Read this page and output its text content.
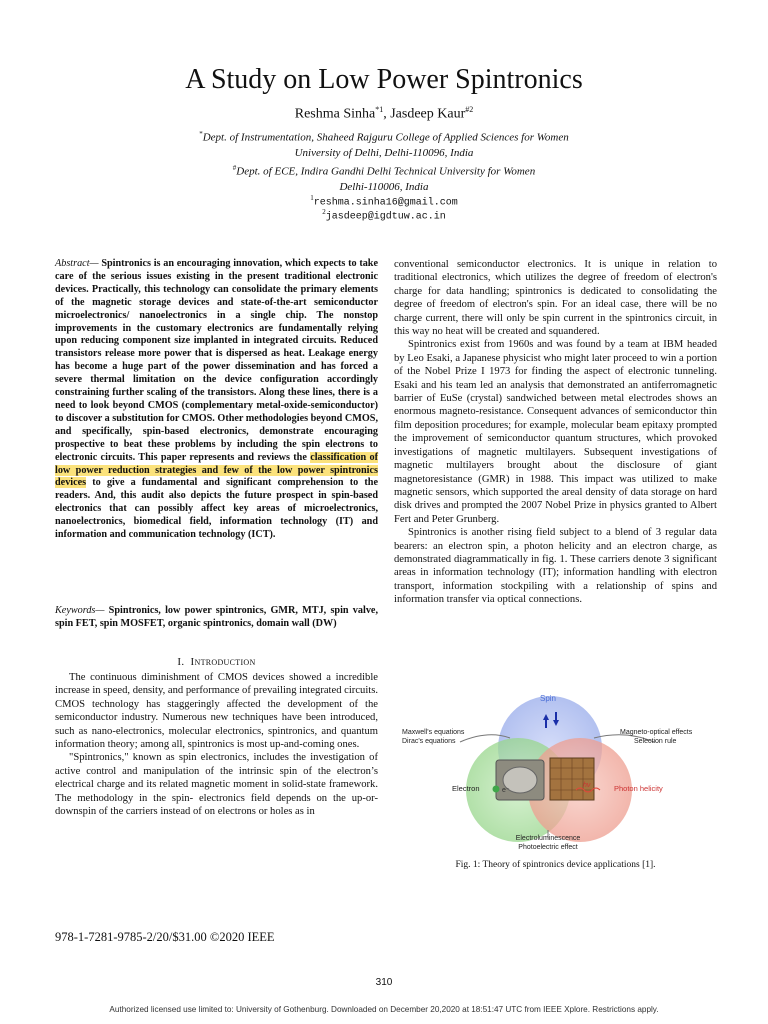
A Study on Low Power Spintronics
Reshma Sinha$^{*1}$, Jasdeep Kaur$^{\#2}$
*Dept. of Instrumentation, Shaheed Rajguru College of Applied Sciences for Women
University of Delhi, Delhi-110096, India
#Dept. of ECE, Indira Gandhi Delhi Technical University for Women
Delhi-110006, India
$^1$reshma.sinha16@gmail.com
$^2$jasdeep@igdtuw.ac.in
Abstract— Spintronics is an encouraging innovation, which expects to take care of the serious issues existing in the present traditional electronic devices. Practically, this technology can consolidate the primary elements of the magnetic storage devices and state-of-the-art semiconductor microelectronics/ nanoelectronics in a single chip. The nonstop improvements in the customary electronics are fundamentally relying upon reducing component size implanted in integrated circuits. Reduced transistors release more power that is dispersed as heat. Leakage energy has become a huge part of the power dissemination and has forced a severe thermal limitation on the device configuration accordingly constraining further scaling of the transistors. Along these lines, there is a need to look beyond CMOS (complementary metal-oxide-semiconductor) to discover a substitution for CMOS. Other methodologies beyond CMOS, and specifically, spin-based electronics, demonstrate encouraging prospective to beat these problems by including the spin electrons to electronic circuits. This paper represents and reviews the classification of low power reduction strategies and few of the low power spintronics devices to give a fundamental and significant comprehension to the readers. And, this audit also depicts the future prospect in spin-based electronics that can possibly affect key areas of microelectronics, nanoelectronics, biomedical field, information technology (IT) and information and communication technology (ICT).
Keywords— Spintronics, low power spintronics, GMR, MTJ, spin valve, spin FET, spin MOSFET, organic spintronics, domain wall (DW)
I. Introduction

The continuous diminishment of CMOS devices showed a incredible increase in speed, density, and performance of prevailing integrated circuits. CMOS technology has staggeringly affected the development of the semiconductor industry. Numerous new techniques have been introduced, such as nano-electronics, molecular electronics, spintronics, and quantum information theory; among all, spintronics is most up-and-coming ones.

"Spintronics," known as spin electronics, includes the investigation of active control and manipulation of the intrinsic spin of the electron’s electrical charge and its related magnetic moment in solid-state framework. The methodology in the spin- electronics field depends on the up-or-downspin of the carriers instead of on electrons or holes as in

conventional semiconductor electronics. It is unique in relation to traditional electronics, which utilizes the degree of freedom of electron's charge for data handling; spintronics is dedicated to consolidating the degree of freedom of electron's spin. For an ideal case, there will be no charge current, there will only be spin current in the spintronics circuit, in this way no heat will be created and squandered.

Spintronics exist from 1960s and was found by a team at IBM headed by Leo Esaki, a Japanese physicist who might later proceed to win a portion of the Nobel Prize I 1973 for finding the aspect of electronic tunneling. Esaki and his team led an analysis that demonstrated an antiferromagnetic barrier of EuSe (crystal) sandwiched between metal electrodes shows an enormous magneto-resistance. Consequent advances of semiconductor thin film deposition procedures; for example, molecular beam epitaxy prompted the improvement of semiconductor quantum structures, which provoked investigations of magnetic multilayers. Subsequent investigations of magnetic multilayers brought about the disclosure of giant magnetoresistance (GMR) in 1988. This impact was utilized to make magnetic sensors, which supported the areal density of data storage on hard disk drives and prompted the 2007 Nobel Prize in physics granted to Albert Fert and Peter Grunberg.

Spintronics is another rising field subject to a blend of 3 regular data bearers: an electron spin, a photon helicity and an electron charge, as demonstrated diagrammatically in fig. 1. These carriers denote 3 significant areas in information technology (IT); information handling with electron transport, information stockpiling with a relationship of spins and information transfer via optical connections.

e⁻
hν
Spin
Maxwell's equations
Dirac's equations
Magneto-optical effects
Selection rule
Electron	Photon helicity
Electroluminescence
Photoelectric effect
Fig. 1: Theory of spintronics device applications [1].
978-1-7281-9785-2/20/$31.00 ©2020 IEEE
310
Authorized licensed use limited to: University of Gothenburg. Downloaded on December 20,2020 at 18:51:47 UTC from IEEE Xplore. Restrictions apply.
